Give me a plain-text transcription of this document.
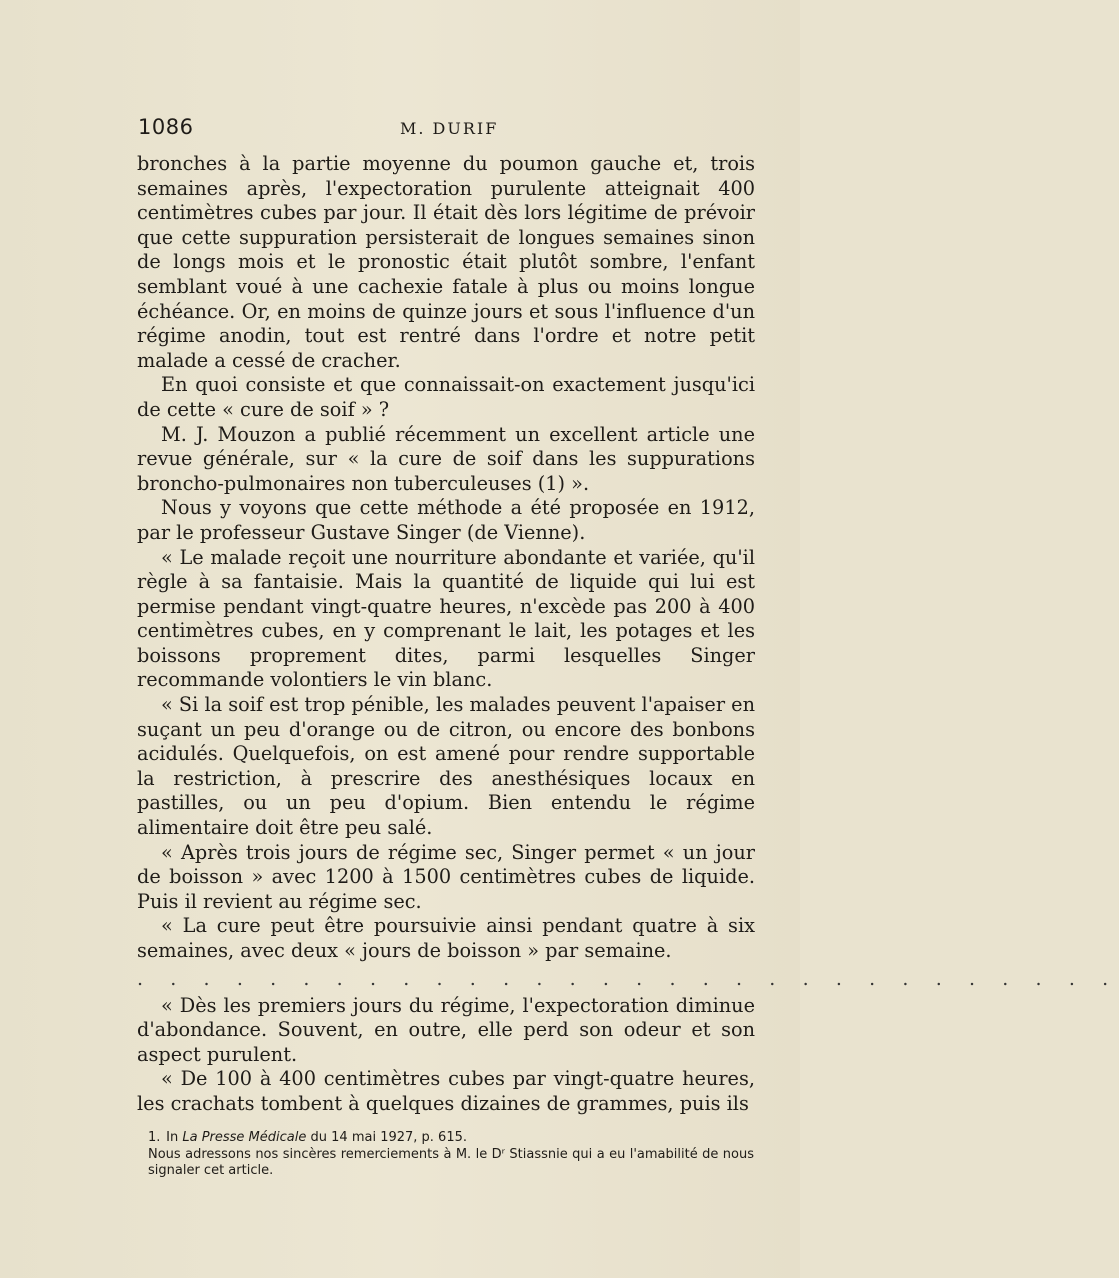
1086	M. DURIF

bronches à la partie moyenne du poumon gauche et, trois semaines après, l'expectoration purulente atteignait 400 centimètres cubes par jour. Il était dès lors légitime de prévoir que cette suppuration persisterait de longues semaines sinon de longs mois et le pronostic était plutôt sombre, l'enfant semblant voué à une cachexie fatale à plus ou moins longue échéance. Or, en moins de quinze jours et sous l'influence d'un régime anodin, tout est rentré dans l'ordre et notre petit malade a cessé de cracher.

En quoi consiste et que connaissait-on exactement jusqu'ici de cette « cure de soif » ?

M. J. Mouzon a publié récemment un excellent article une revue générale, sur « la cure de soif dans les suppurations broncho-pulmonaires non tuberculeuses (1) ».

Nous y voyons que cette méthode a été proposée en 1912, par le professeur Gustave Singer (de Vienne).

« Le malade reçoit une nourriture abondante et variée, qu'il règle à sa fantaisie. Mais la quantité de liquide qui lui est permise pendant vingt-quatre heures, n'excède pas 200 à 400 centimètres cubes, en y comprenant le lait, les potages et les boissons proprement dites, parmi lesquelles Singer recommande volontiers le vin blanc.

« Si la soif est trop pénible, les malades peuvent l'apaiser en suçant un peu d'orange ou de citron, ou encore des bonbons acidulés. Quelquefois, on est amené pour rendre supportable la restriction, à prescrire des anesthésiques locaux en pastilles, ou un peu d'opium. Bien entendu le régime alimentaire doit être peu salé.

« Après trois jours de régime sec, Singer permet « un jour de boisson » avec 1200 à 1500 centimètres cubes de liquide. Puis il revient au régime sec.

« La cure peut être poursuivie ainsi pendant quatre à six semaines, avec deux « jours de boisson » par semaine.

. . . . . . . . . . . . . . . . . . . . . . . . . . . . . .

« Dès les premiers jours du régime, l'expectoration diminue d'abondance. Souvent, en outre, elle perd son odeur et son aspect purulent.

« De 100 à 400 centimètres cubes par vingt-quatre heures, les crachats tombent à quelques dizaines de grammes, puis ils

1. In La Presse Médicale du 14 mai 1927, p. 615.

Nous adressons nos sincères remerciements à M. le Dʳ Stiassnie qui a eu l'amabilité de nous signaler cet article.
